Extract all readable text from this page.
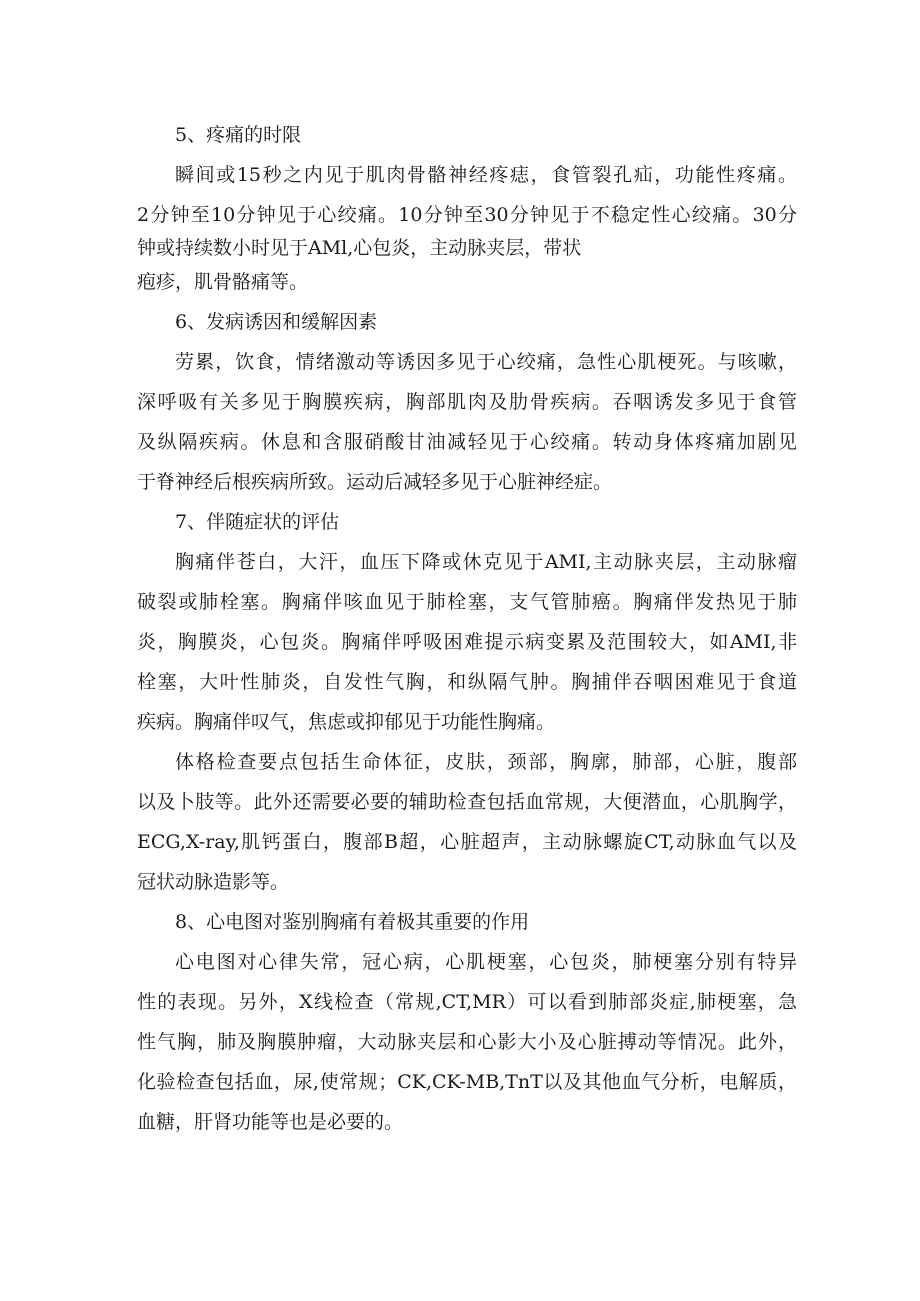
5、疼痛的时限
瞬间或15秒之内见于肌肉骨骼神经疼痣，食管裂孔疝，功能性疼痛。
2分钟至10分钟见于心绞痛。10分钟至30分钟见于不稳定性心绞痛。30分
钟或持续数小时见于AMl,心包炎，主动脉夹层，带状
疱疹，肌骨骼痛等。
6、发病诱因和缓解因素
劳累，饮食，情绪激动等诱因多见于心绞痛，急性心肌梗死。与咳嗽，
深呼吸有关多见于胸膜疾病，胸部肌肉及肋骨疾病。吞咽诱发多见于食管
及纵隔疾病。休息和含服硝酸甘油减轻见于心绞痛。转动身体疼痛加剧见
于脊神经后根疾病所致。运动后减轻多见于心脏神经症。
7、伴随症状的评估
胸痛伴苍白，大汗，血压下降或休克见于AMI,主动脉夹层，主动脉瘤
破裂或肺栓塞。胸痛伴咳血见于肺栓塞，支气管肺癌。胸痛伴发热见于肺
炎，胸膜炎，心包炎。胸痛伴呼吸困难提示病变累及范围较大，如AMI,非
栓塞，大叶性肺炎，自发性气胸，和纵隔气肿。胸捕伴吞咽困难见于食道
疾病。胸痛伴叹气，焦虑或抑郁见于功能性胸痛。
体格检查要点包括生命体征，皮肤，颈部，胸廓，肺部，心脏，腹部
以及卜肢等。此外还需要必要的辅助检查包括血常规，大便潜血，心肌胸学，
ECG,X-ray,肌钙蛋白，腹部B超，心脏超声，主动脉螺旋CT,动脉血气以及
冠状动脉造影等。
8、心电图对鉴别胸痛有着极其重要的作用
心电图对心律失常，冠心病，心肌梗塞，心包炎，肺梗塞分别有特异
性的表现。另外，X线检查（常规,CT,MR）可以看到肺部炎症,肺梗塞，急
性气胸，肺及胸膜肿瘤，大动脉夹层和心影大小及心脏搏动等情况。此外，
化验检查包括血，尿,使常规；CK,CK-MB,TnT以及其他血气分析，电解质，
血糖，肝肾功能等也是必要的。
